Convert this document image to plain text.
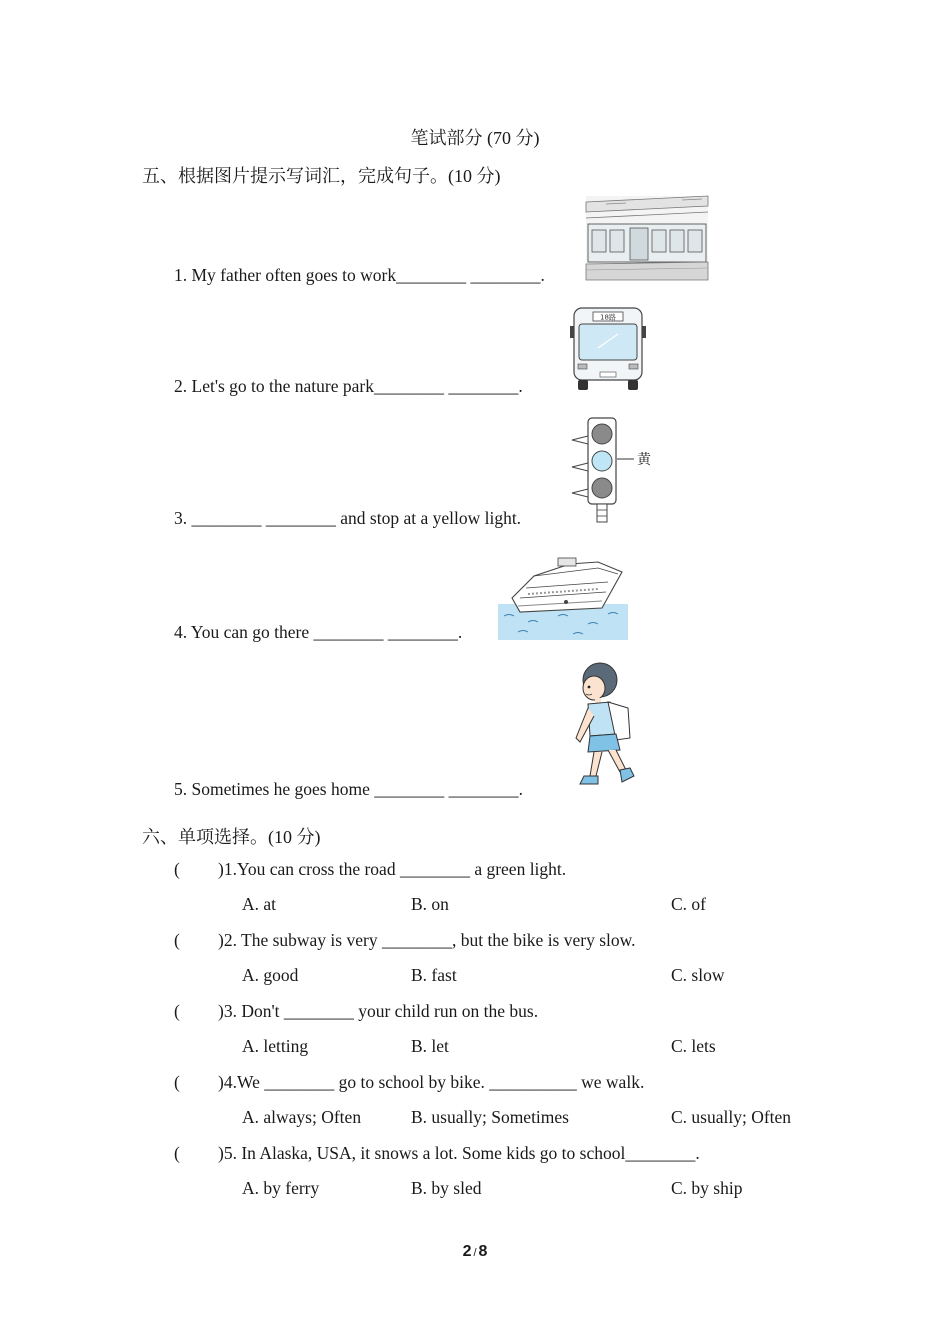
笔试部分 (70 分)
五、根据图片提示写词汇，完成句子。(10 分)
1. My father often goes to work________ ________.
2. Let's go to the nature park________ ________.
3. ________ ________ and stop at a yellow light.
4. You can go there ________ ________.
5. Sometimes he goes home ________ ________.
18路
黄
六、单项选择。(10 分)
( )1.You can cross the road ________ a green light.
A. at	B. on	C. of
( )2. The subway is very ________, but the bike is very slow.
A. good	B. fast	C. slow
( )3. Don't ________ your child run on the bus.
A. letting	B. let	C. lets
( )4.We ________ go to school by bike. __________ we walk.
A. always; Often	B. usually; Sometimes	C. usually; Often
( )5. In Alaska, USA, it snows a lot. Some kids go to school________.
A. by ferry	B. by sled	C. by ship
2 / 8
